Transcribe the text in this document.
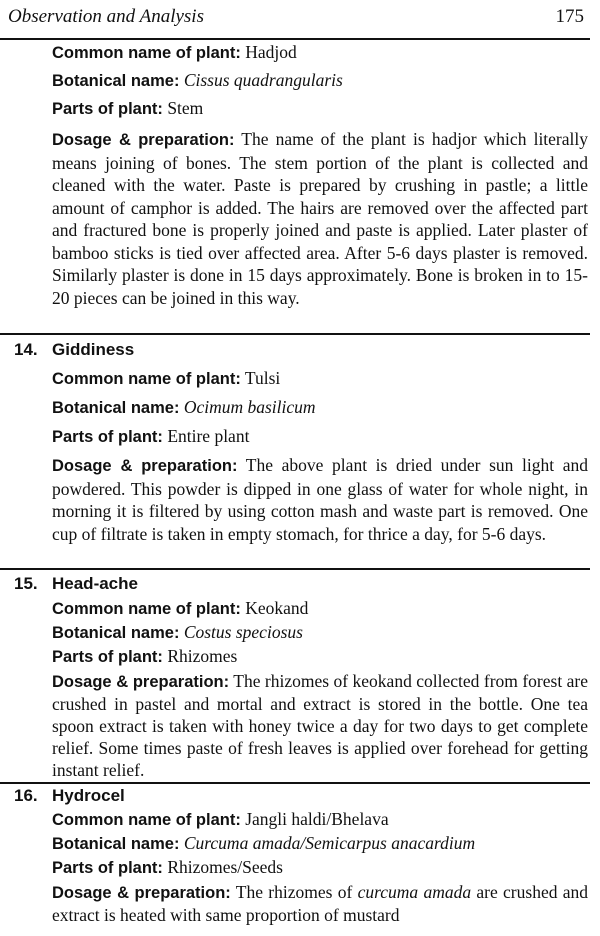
Observation and Analysis	175

Common name of plant: Hadjod

Botanical name: Cissus quadrangularis

Parts of plant: Stem

Dosage & preparation: The name of the plant is hadjor which literally means joining of bones. The stem portion of the plant is collected and cleaned with the water. Paste is prepared by crushing in pastle; a little amount of camphor is added. The hairs are removed over the affected part and fractured bone is properly joined and paste is applied. Later plaster of bamboo sticks is tied over affected area. After 5-6 days plaster is removed. Similarly plaster is done in 15 days approximately. Bone is broken in to 15-20 pieces can be joined in this way.

14. Giddiness

Common name of plant: Tulsi

Botanical name: Ocimum basilicum

Parts of plant: Entire plant

Dosage & preparation: The above plant is dried under sun light and powdered. This powder is dipped in one glass of water for whole night, in morning it is filtered by using cotton mash and waste part is removed. One cup of filtrate is taken in empty stomach, for thrice a day, for 5-6 days.

15. Head-ache

Common name of plant: Keokand

Botanical name: Costus speciosus

Parts of plant: Rhizomes

Dosage & preparation: The rhizomes of keokand collected from forest are crushed in pastel and mortal and extract is stored in the bottle. One tea spoon extract is taken with honey twice a day for two days to get complete relief. Some times paste of fresh leaves is applied over forehead for getting instant relief.

16. Hydrocel

Common name of plant: Jangli haldi/Bhelava

Botanical name: Curcuma amada/Semicarpus anacardium

Parts of plant: Rhizomes/Seeds

Dosage & preparation: The rhizomes of curcuma amada are crushed and extract is heated with same proportion of mustard
